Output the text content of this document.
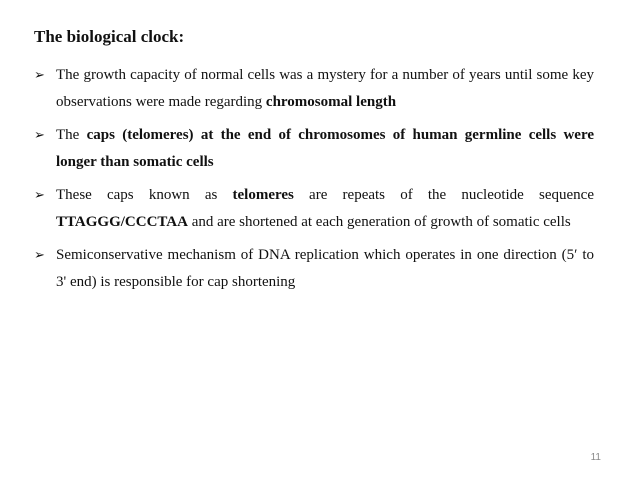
The biological clock:
➢ The growth capacity of normal cells was a mystery for a number of years until some key observations were made regarding chromosomal length
➢ The caps (telomeres) at the end of chromosomes of human germline cells were longer than somatic cells
➢ These caps known as telomeres are repeats of the nucleotide sequence TTAGGG/CCCTAA and are shortened at each generation of growth of somatic cells
➢ Semiconservative mechanism of DNA replication which operates in one direction (5′ to 3' end) is responsible for cap shortening
11
